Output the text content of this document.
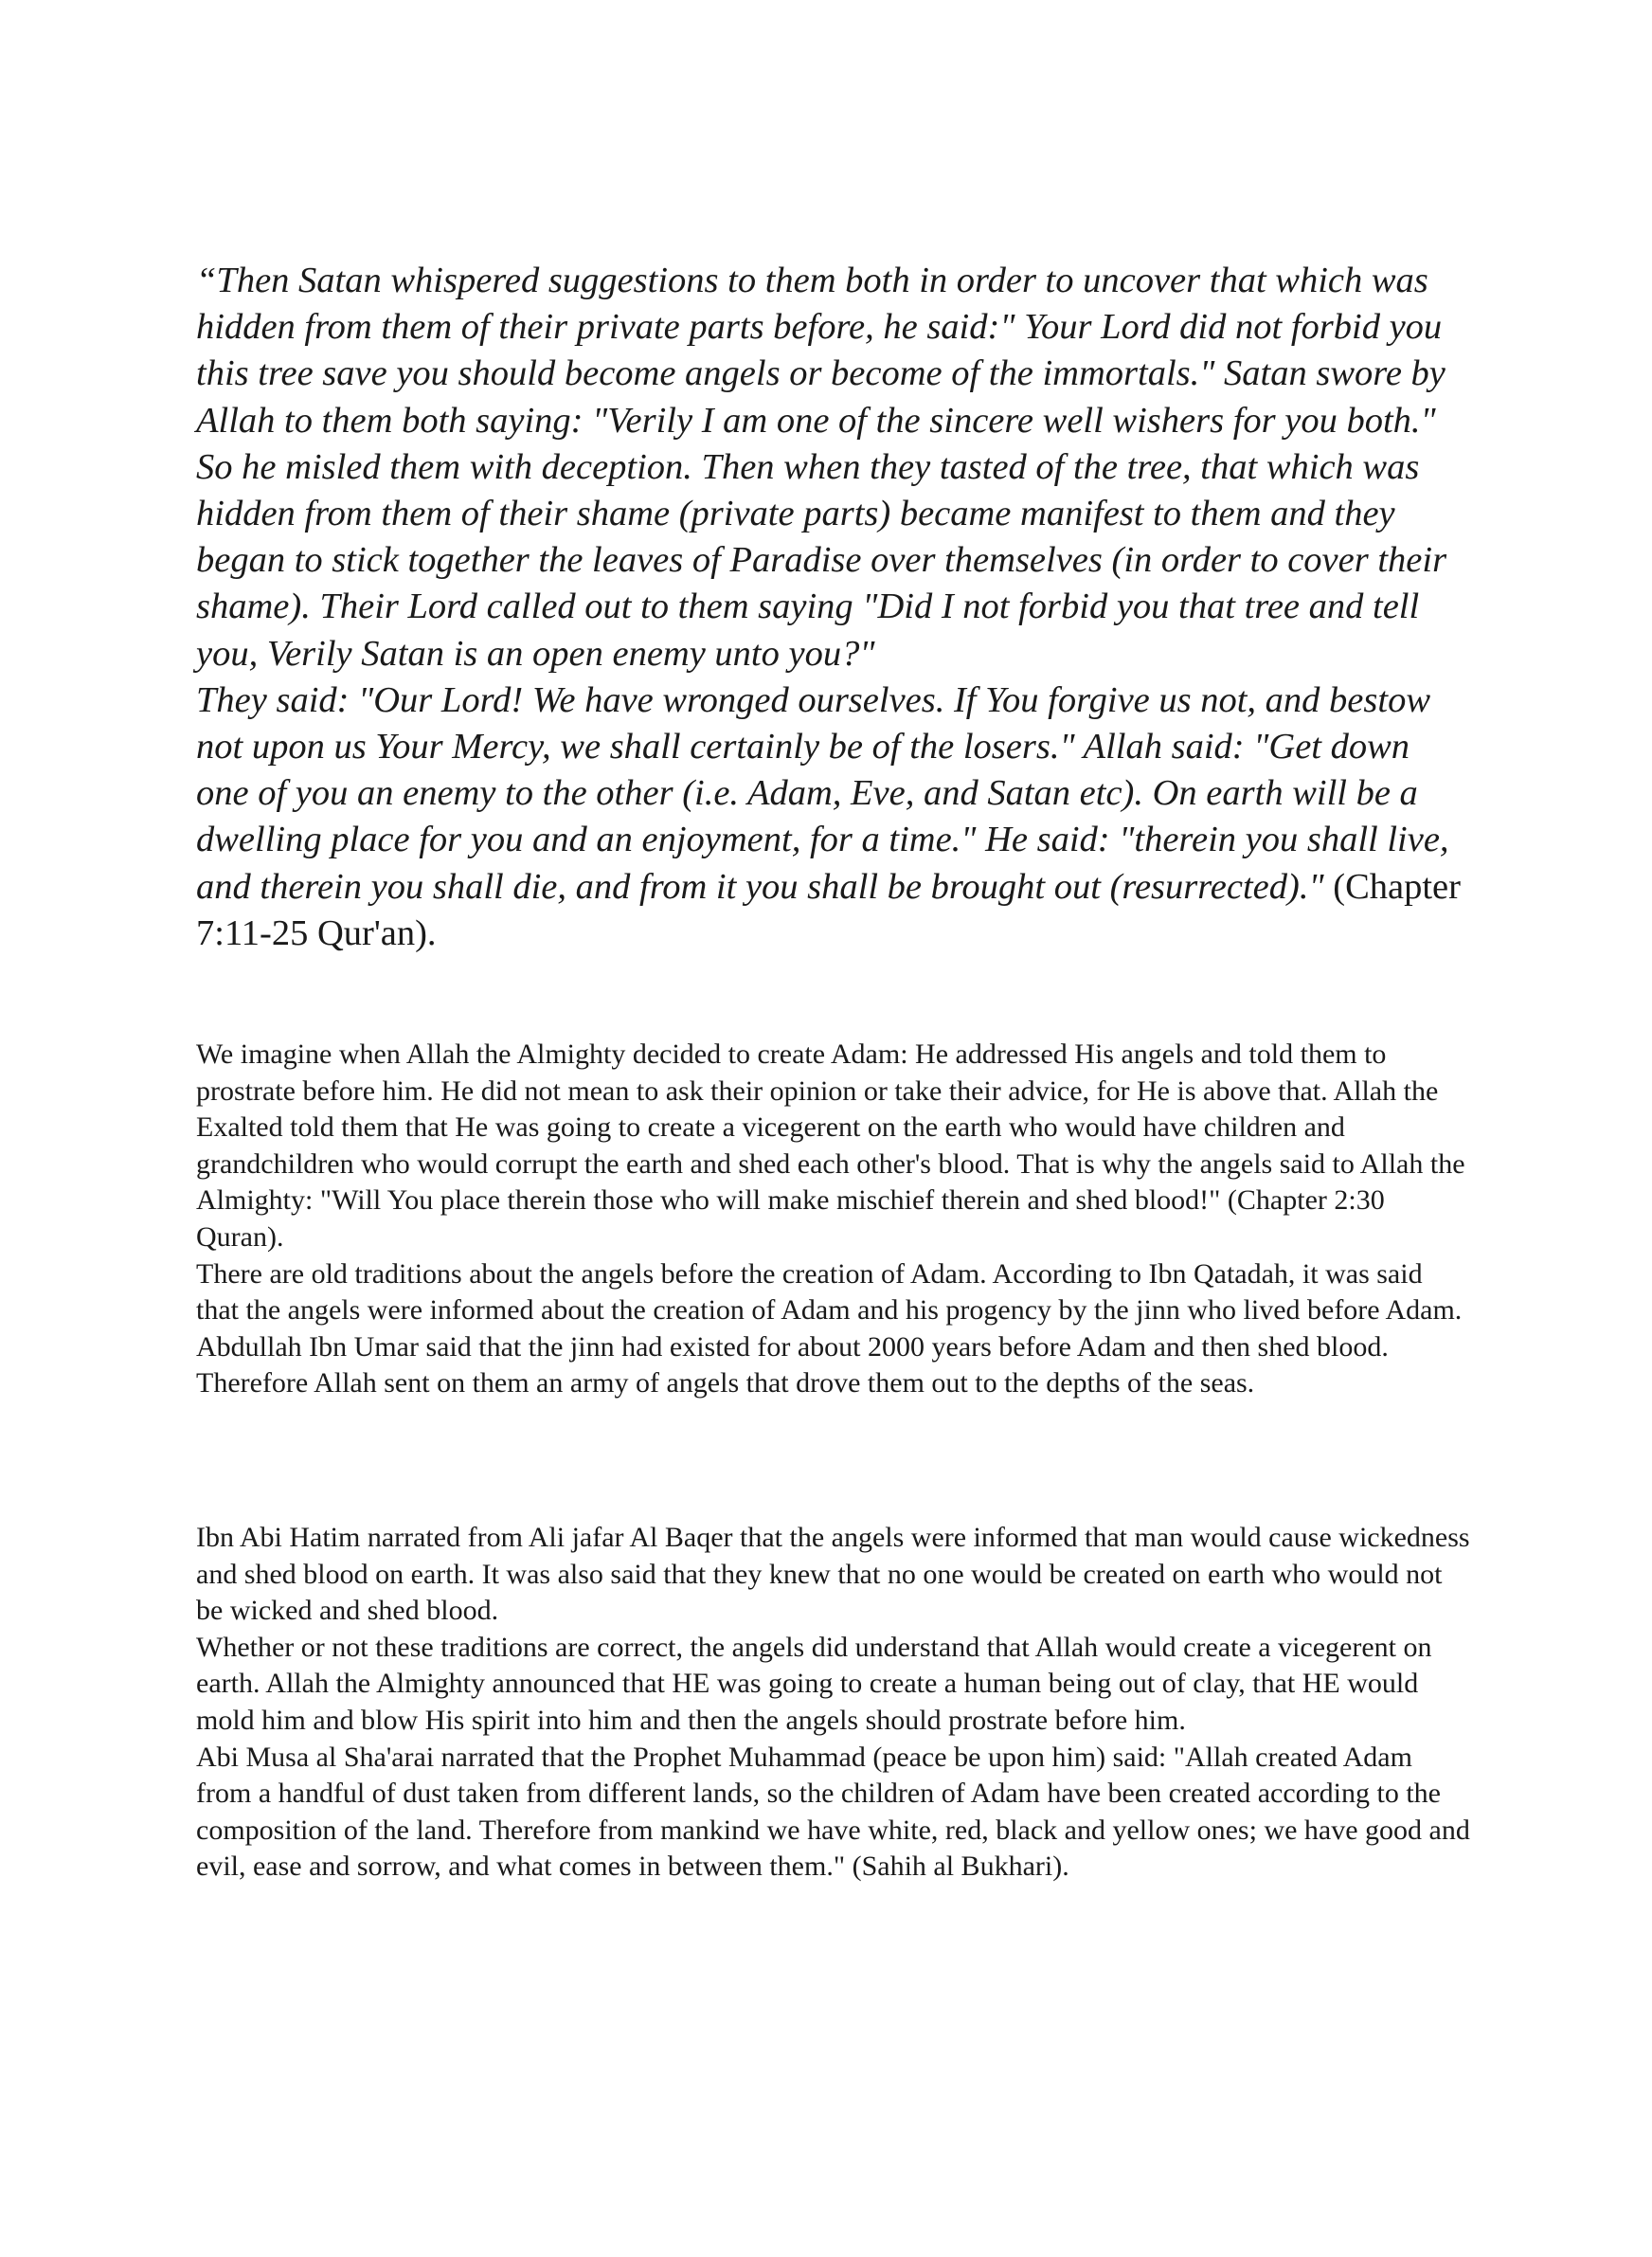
“Then Satan whispered suggestions to them both in order to uncover that which was hidden from them of their private parts before, he said:" Your Lord did not forbid you this tree save you should become angels or become of the immortals." Satan swore by Allah to them both saying: "Verily I am one of the sincere well wishers for you both."

So he misled them with deception. Then when they tasted of the tree, that which was hidden from them of their shame (private parts) became manifest to them and they began to stick together the leaves of Paradise over themselves (in order to cover their shame). Their Lord called out to them saying "Did I not forbid you that tree and tell you, Verily Satan is an open enemy unto you?"

They said: "Our Lord! We have wronged ourselves. If You forgive us not, and bestow not upon us Your Mercy, we shall certainly be of the losers." Allah said: "Get down one of you an enemy to the other (i.e. Adam, Eve, and Satan etc). On earth will be a dwelling place for you and an enjoyment, for a time." He said: "therein you shall live, and therein you shall die, and from it you shall be brought out (resurrected)." (Chapter 7:11-25 Qur'an).

We imagine when Allah the Almighty decided to create Adam: He addressed His angels and told them to prostrate before him. He did not mean to ask their opinion or take their advice, for He is above that. Allah the Exalted told them that He was going to create a vicegerent on the earth who would have children and grandchildren who would corrupt the earth and shed each other's blood. That is why the angels said to Allah the Almighty: "Will You place therein those who will make mischief therein and shed blood!" (Chapter 2:30 Quran).

There are old traditions about the angels before the creation of Adam. According to Ibn Qatadah, it was said that the angels were informed about the creation of Adam and his progency by the jinn who lived before Adam. Abdullah Ibn Umar said that the jinn had existed for about 2000 years before Adam and then shed blood. Therefore Allah sent on them an army of angels that drove them out to the depths of the seas.

Ibn Abi Hatim narrated from Ali jafar Al Baqer that the angels were informed that man would cause wickedness and shed blood on earth. It was also said that they knew that no one would be created on earth who would not be wicked and shed blood.

Whether or not these traditions are correct, the angels did understand that Allah would create a vicegerent on earth. Allah the Almighty announced that HE was going to create a human being out of clay, that HE would mold him and blow His spirit into him and then the angels should prostrate before him.

Abi Musa al Sha'arai narrated that the Prophet Muhammad (peace be upon him) said: "Allah created Adam from a handful of dust taken from different lands, so the children of Adam have been created according to the composition of the land. Therefore from mankind we have white, red, black and yellow ones; we have good and evil, ease and sorrow, and what comes in between them." (Sahih al Bukhari).
